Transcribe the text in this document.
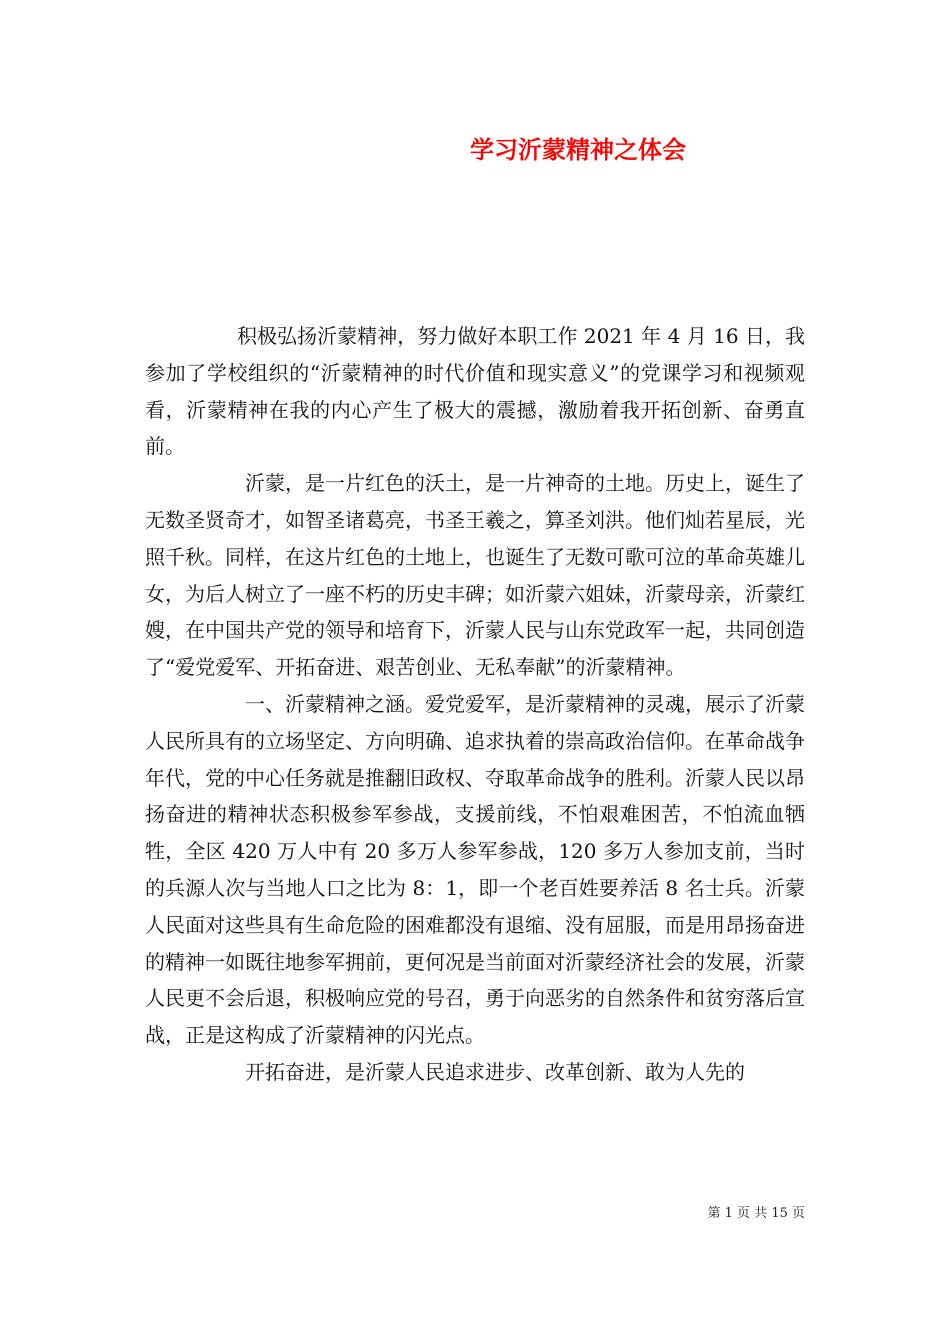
学习沂蒙精神之体会

积极弘扬沂蒙精神，努力做好本职工作 2021 年 4 月 16 日，我参加了学校组织的“沂蒙精神的时代价值和现实意义”的党课学习和视频观看，沂蒙精神在我的内心产生了极大的震撼，激励着我开拓创新、奋勇直前。

沂蒙，是一片红色的沃土，是一片神奇的土地。历史上，诞生了无数圣贤奇才，如智圣诸葛亮，书圣王羲之，算圣刘洪。他们灿若星辰，光照千秋。同样，在这片红色的土地上，也诞生了无数可歌可泣的革命英雄儿女，为后人树立了一座不朽的历史丰碑；如沂蒙六姐妹，沂蒙母亲，沂蒙红嫂，在中国共产党的领导和培育下，沂蒙人民与山东党政军一起，共同创造了“爱党爱军、开拓奋进、艰苦创业、无私奉献”的沂蒙精神。

一、沂蒙精神之涵。爱党爱军，是沂蒙精神的灵魂，展示了沂蒙人民所具有的立场坚定、方向明确、追求执着的崇高政治信仰。在革命战争年代，党的中心任务就是推翻旧政权、夺取革命战争的胜利。沂蒙人民以昂扬奋进的精神状态积极参军参战，支援前线，不怕艰难困苦，不怕流血牺牲，全区 420 万人中有 20 多万人参军参战，120 多万人参加支前，当时的兵源人次与当地人口之比为 8：1，即一个老百姓要养活 8 名士兵。沂蒙人民面对这些具有生命危险的困难都没有退缩、没有屈服，而是用昂扬奋进的精神一如既往地参军拥前，更何况是当前面对沂蒙经济社会的发展，沂蒙人民更不会后退，积极响应党的号召，勇于向恶劣的自然条件和贫穷落后宣战，正是这构成了沂蒙精神的闪光点。

开拓奋进，是沂蒙人民追求进步、改革创新、敢为人先的

第 1 页 共 15 页
